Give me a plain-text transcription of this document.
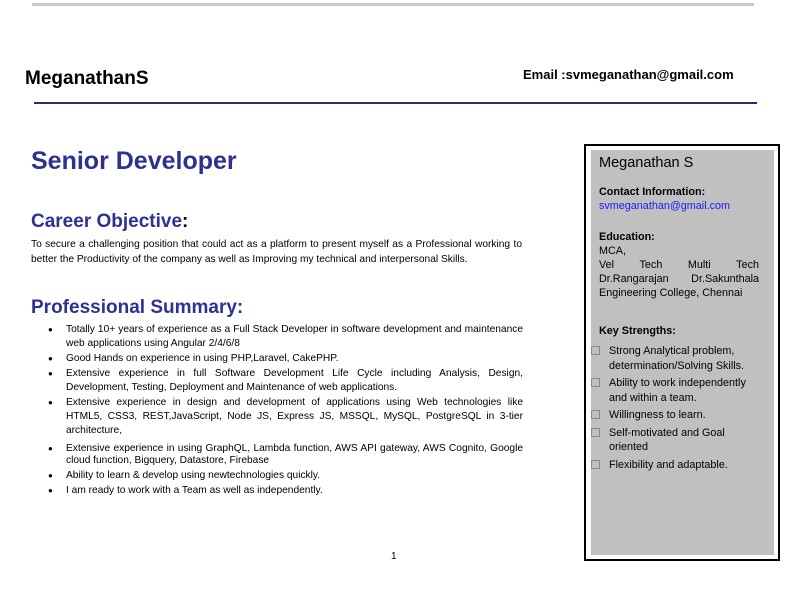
MeganathanS	Email :svmeganathan@gmail.com
Senior Developer
Career Objective:

To secure a challenging position that could act as a platform to present myself as a Professional working to better the Productivity of the company as well as Improving my technical and interpersonal Skills.

Professional Summary:
● Totally 10+ years of experience as a Full Stack Developer in software development and maintenance web applications using Angular 2/4/6/8
● Good Hands on experience in using PHP,Laravel, CakePHP.
● Extensive experience in full Software Development Life Cycle including Analysis, Design, Development, Testing, Deployment and Maintenance of web applications.
● Extensive experience in design and development of applications using Web technologies like HTML5, CSS3, REST,JavaScript, Node JS, Express JS, MSSQL, MySQL, PostgreSQL in 3-tier architecture,
● Extensive experience in using GraphQL, Lambda function, AWS API gateway, AWS Cognito, Google cloud function, Bigquery, Datastore, Firebase
● Ability to learn & develop using newtechnologies quickly.
● I am ready to work with a Team as well as independently.
1
Meganathan S
Contact Information:
svmeganathan@gmail.com
Education:
MCA,
Vel Tech Multi Tech
Dr.Rangarajan Dr.Sakunthala
Engineering College, Chennai
Key Strengths:
Strong Analytical problem, determination/Solving Skills.
Ability to work independently and within a team.
Willingness to learn.
Self-motivated and Goal oriented
Flexibility and adaptable.
